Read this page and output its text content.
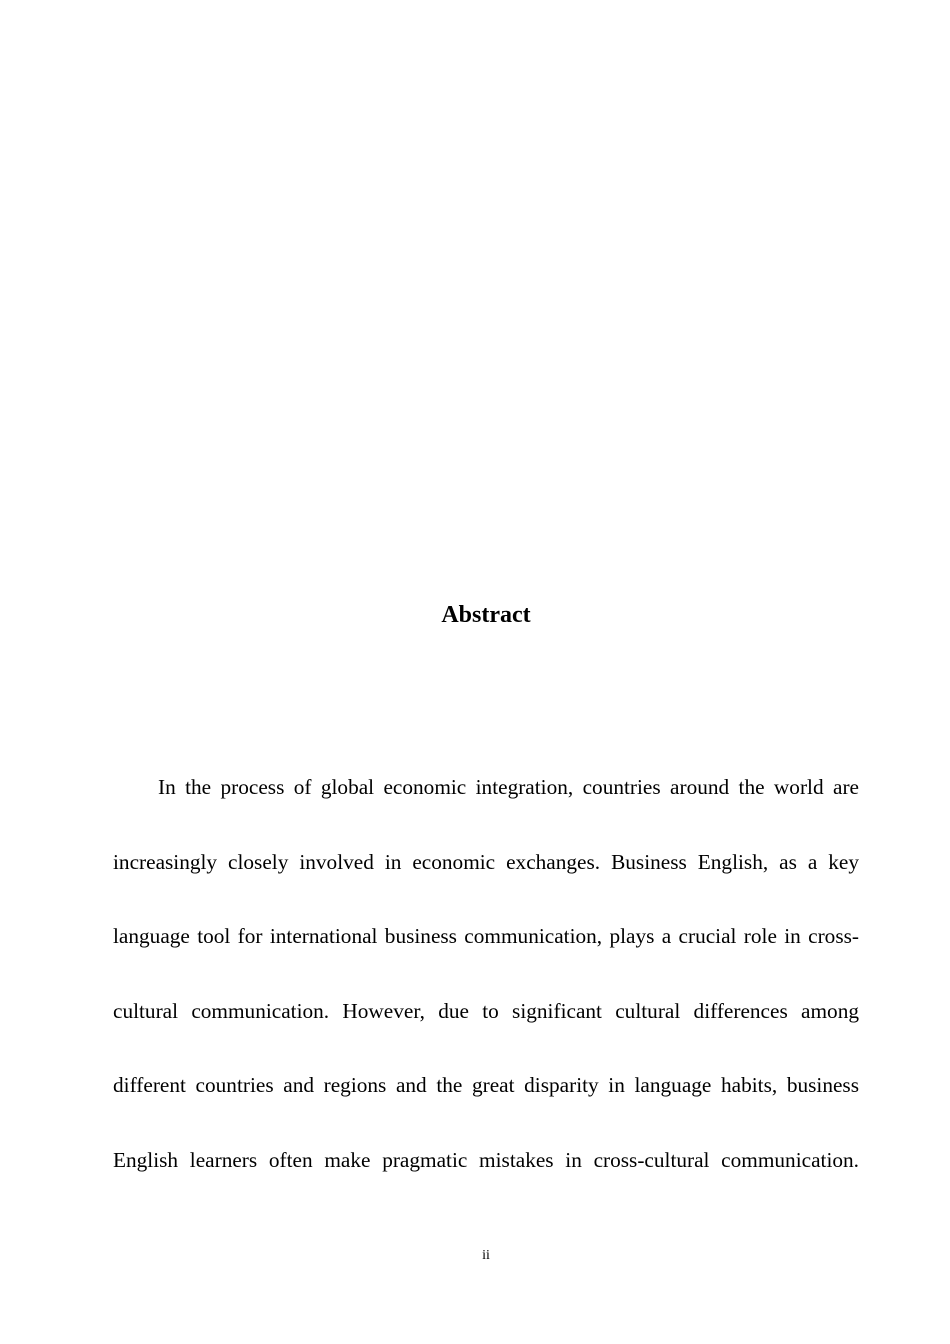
Abstract

In the process of global economic integration, countries around the world are increasingly closely involved in economic exchanges. Business English, as a key language tool for international business communication, plays a crucial role in cross-cultural communication. However, due to significant cultural differences among different countries and regions and the great disparity in language habits, business English learners often make pragmatic mistakes in cross-cultural communication.

ii
